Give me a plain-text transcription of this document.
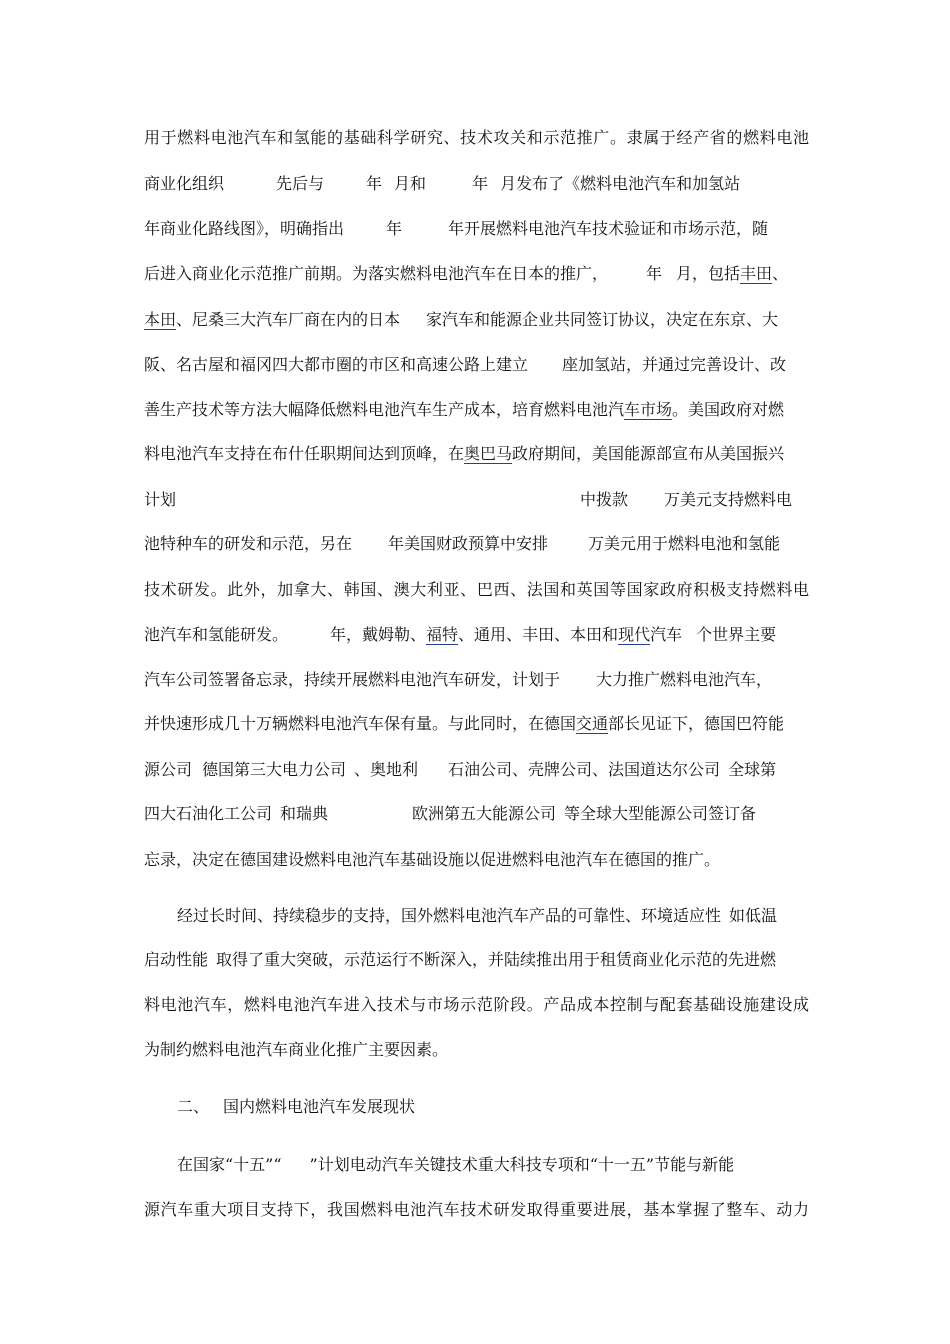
用于燃料电池汽车和氢能的基础科学研究、技术攻关和示范推广。隶属于经产省的燃料电池
商业化组织	先后与	年 月和	年 月发布了《燃料电池汽车和加氢站
年商业化路线图》，明确指出	年	年开展燃料电池汽车技术验证和市场示范，随
后进入商业化示范推广前期。为落实燃料电池汽车在日本的推广， 年 月，包括丰田、
本田、尼桑三大汽车厂商在内的日本 家汽车和能源企业共同签订协议，决定在东京、大
阪、名古屋和福冈四大都市圈的市区和高速公路上建立 座加氢站，并通过完善设计、改
善生产技术等方法大幅降低燃料电池汽车生产成本，培育燃料电池汽车市场。美国政府对燃
料电池汽车支持在布什任职期间达到顶峰，在奥巴马政府期间，美国能源部宣布从美国振兴
计划	中拨款 万美元支持燃料电
池特种车的研发和示范，另在 年美国财政预算中安排	万美元用于燃料电池和氢能
技术研发。此外，加拿大、韩国、澳大利亚、巴西、法国和英国等国家政府积极支持燃料电
池汽车和氢能研发。	年，戴姆勒、福特、通用、丰田、本田和现代汽车 个世界主要
汽车公司签署备忘录，持续开展燃料电池汽车研发，计划于 大力推广燃料电池汽车，
并快速形成几十万辆燃料电池汽车保有量。与此同时，在德国交通部长见证下，德国巴符能
源公司 德国第三大电力公司 、奥地利 石油公司、壳牌公司、法国道达尔公司 全球第
四大石油化工公司 和瑞典	欧洲第五大能源公司 等全球大型能源公司签订备
忘录，决定在德国建设燃料电池汽车基础设施以促进燃料电池汽车在德国的推广。
经过长时间、持续稳步的支持，国外燃料电池汽车产品的可靠性、环境适应性 如低温
启动性能 取得了重大突破，示范运行不断深入，并陆续推出用于租赁商业化示范的先进燃
料电池汽车，燃料电池汽车进入技术与市场示范阶段。产品成本控制与配套基础设施建设成
为制约燃料电池汽车商业化推广主要因素。
二、 国内燃料电池汽车发展现状
在国家“十五”“ ”计划电动汽车关键技术重大科技专项和“十一五”节能与新能
源汽车重大项目支持下，我国燃料电池汽车技术研发取得重要进展，基本掌握了整车、动力
